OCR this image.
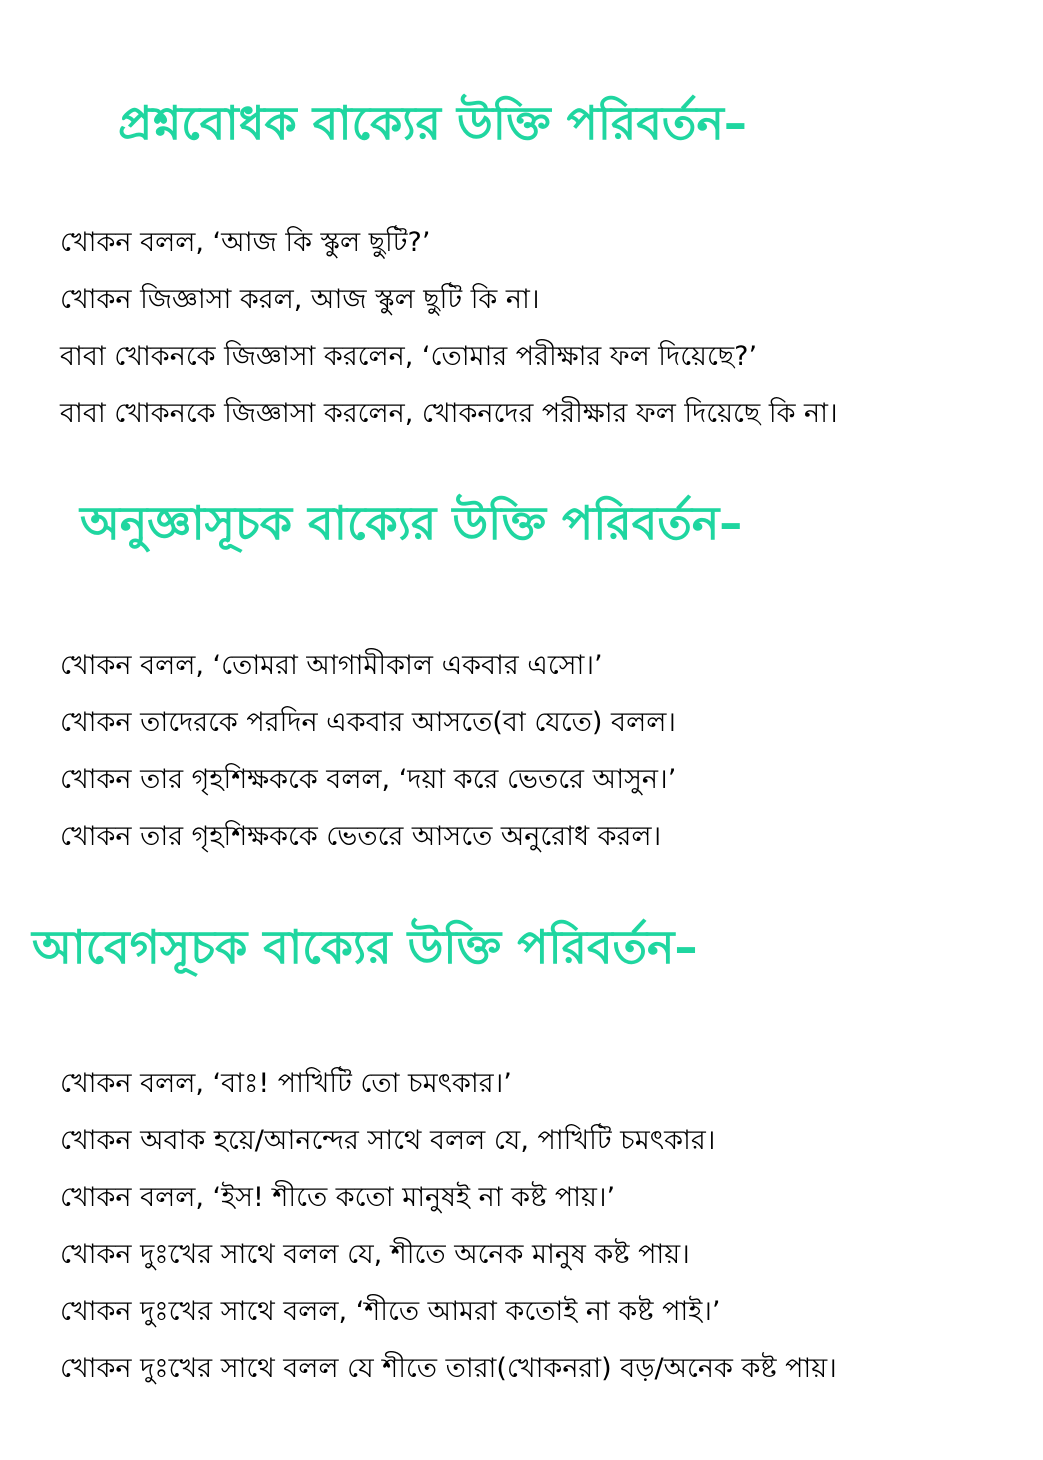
প্রশ্নবোধক বাক্যের উক্তি পরিবর্তন–
খোকন বলল, ‘আজ কি স্কুল ছুটি?’
খোকন জিজ্ঞাসা করল, আজ স্কুল ছুটি কি না।
বাবা খোকনকে জিজ্ঞাসা করলেন, ‘তোমার পরীক্ষার ফল দিয়েছে?’
বাবা খোকনকে জিজ্ঞাসা করলেন, খোকনদের পরীক্ষার ফল দিয়েছে কি না।
অনুজ্ঞাসূচক বাক্যের উক্তি পরিবর্তন–
খোকন বলল, ‘তোমরা আগামীকাল একবার এসো।’
খোকন তাদেরকে পরদিন একবার আসতে(বা যেতে) বলল।
খোকন তার গৃহশিক্ষককে বলল, ‘দয়া করে ভেতরে আসুন।’
খোকন তার গৃহশিক্ষককে ভেতরে আসতে অনুরোধ করল।
আবেগসূচক বাক্যের উক্তি পরিবর্তন–
খোকন বলল, ‘বাঃ! পাখিটি তো চমৎকার।’
খোকন অবাক হয়ে/আনন্দের সাথে বলল যে, পাখিটি চমৎকার।
খোকন বলল, ‘ইস! শীতে কতো মানুষই না কষ্ট পায়।’
খোকন দুঃখের সাথে বলল যে, শীতে অনেক মানুষ কষ্ট পায়।
খোকন দুঃখের সাথে বলল, ‘শীতে আমরা কতোই না কষ্ট পাই।’
খোকন দুঃখের সাথে বলল যে শীতে তারা(খোকনরা) বড়/অনেক কষ্ট পায়।
